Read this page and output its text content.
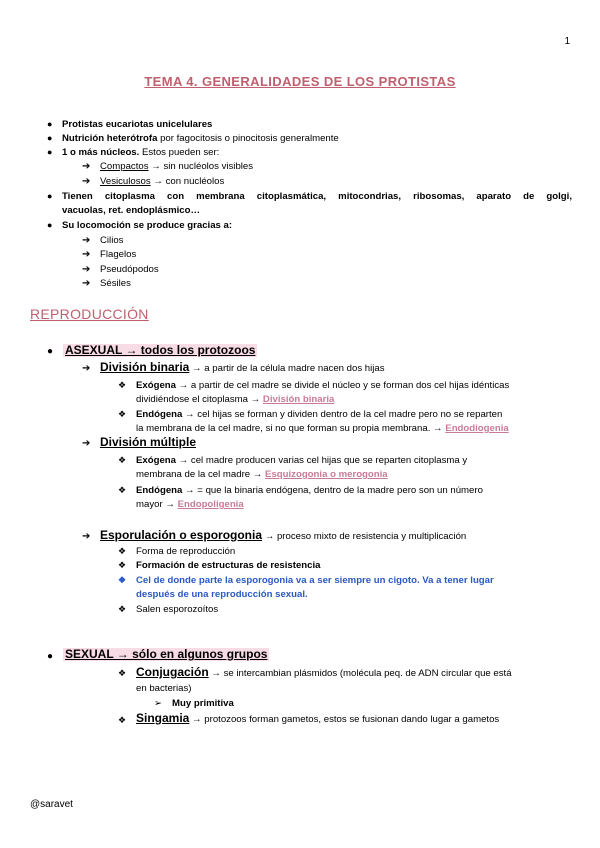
1
TEMA 4. GENERALIDADES DE LOS PROTISTAS
● Protistas eucariotas unicelulares
● Nutrición heterótrofa por fagocitosis o pinocitosis generalmente
● 1 o más núcleos. Estos pueden ser:
➔ Compactos → sin nucléolos visibles
➔ Vesiculosos → con nucléolos
● Tienen citoplasma con membrana citoplasmática, mitocondrias, ribosomas, aparato de golgi,
vacuolas, ret. endoplásmico…
● Su locomoción se produce gracias a:
➔ Cilios
➔ Flagelos
➔ Pseudópodos
➔ Sésiles
REPRODUCCIÓN
● ASEXUAL → todos los protozoos
➔ División binaria → a partir de la célula madre nacen dos hijas
❖ Exógena → a partir de cel madre se divide el núcleo y se forman dos cel hijas idénticas
dividiéndose el citoplasma → División binaria
❖ Endógena → cel hijas se forman y dividen dentro de la cel madre pero no se reparten
la membrana de la cel madre, si no que forman su propia membrana. → Endodiogenia
➔ División múltiple
❖ Exógena → cel madre producen varias cel hijas que se reparten citoplasma y
membrana de la cel madre → Esquizogonia o merogonia
❖ Endógena → = que la binaria endógena, dentro de la madre pero son un número
mayor → Endopoligenia
➔ Esporulación o esporogonia → proceso mixto de resistencia y multiplicación
❖ Forma de reproducción
❖ Formación de estructuras de resistencia
❖ Cel de donde parte la esporogonia va a ser siempre un cigoto. Va a tener lugar
después de una reproducción sexual.
❖ Salen esporozoítos
● SEXUAL → sólo en algunos grupos
❖ Conjugación → se intercambian plásmidos (molécula peq. de ADN circular que está
en bacterias)
➢ Muy primitiva
❖ Singamia → protozoos forman gametos, estos se fusionan dando lugar a gametos
@saravet
